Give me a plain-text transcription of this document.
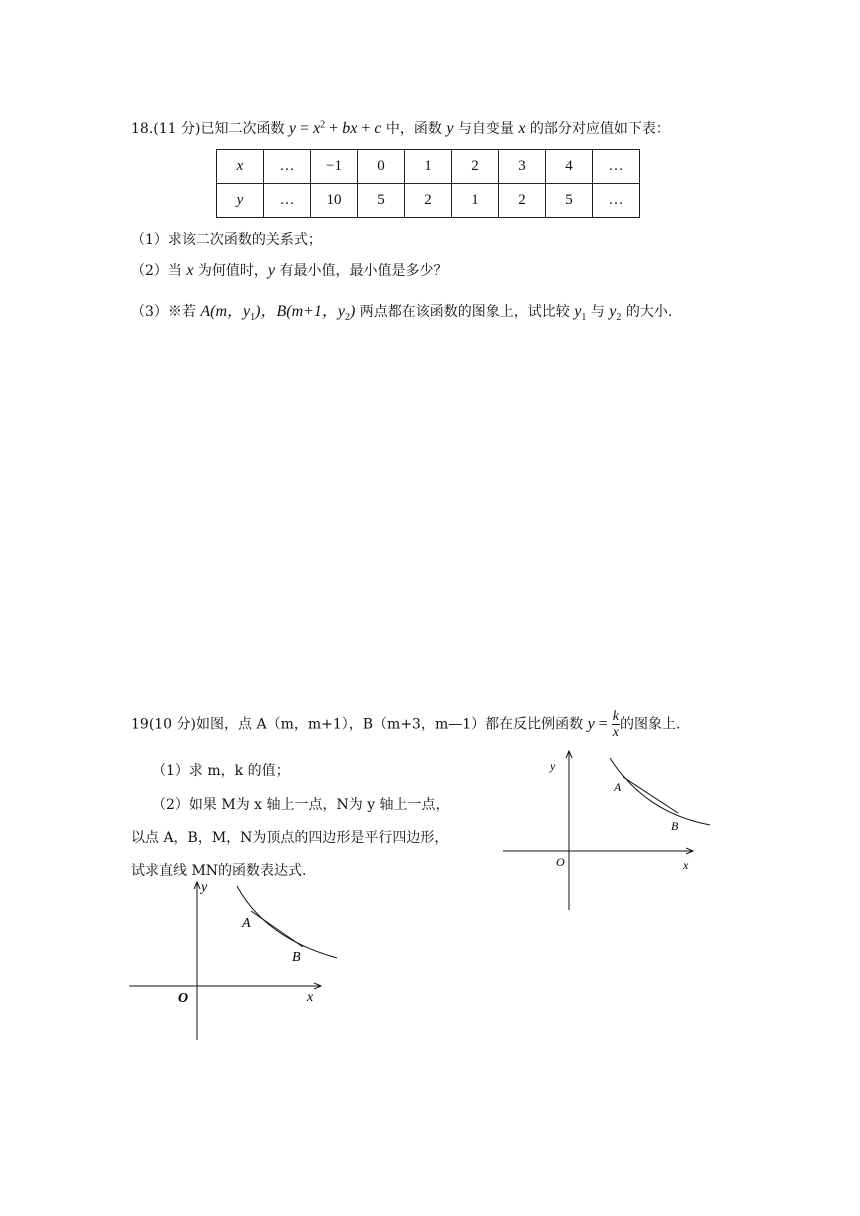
18.(11 分)已知二次函数 $y = x^2$ + bx + c 中，函数 y 与自变量 x 的部分对应值如下表：
x	…	−1	0	1	2	3	4	…
y	…	10	5	2	1	2	5	…
（1）求该二次函数的关系式；
（2）当 x 为何值时，y 有最小值，最小值是多少？
（3）※若 A(m，$y_1$)，B(m+1，$y_2$) 两点都在该函数的图象上，试比较 $y_1$ 与 $y_2$ 的大小.
19(10 分)如图，点 A（m，m+1），B（m+3，m—1）都在反比例函数 $y = \frac{k}{x}$ 的图象上.
（1）求 m，k 的值；
（2）如果 M为 x 轴上一点，N为 y 轴上一点，
以点 A，B，M，N为顶点的四边形是平行四边形，
试求直线 MN的函数表达式.
y
x
O
A
B
y
x
O
A
B
